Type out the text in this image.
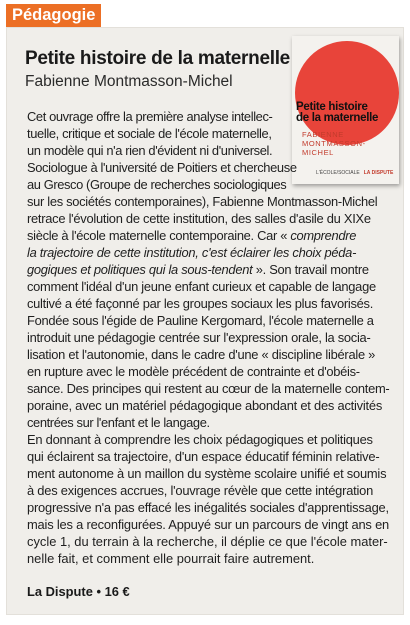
Pédagogie
Petite histoire de la maternelle
Fabienne Montmasson-Michel
Petite histoire
de la maternelle
FABIENNE
MONTMASSON-MICHEL
L'ÉCOLE/SOCIALE LA DISPUTE
Cet ouvrage offre la première analyse intellec-
tuelle, critique et sociale de l'école maternelle,
un modèle qui n'a rien d'évident ni d'universel.
Sociologue à l'université de Poitiers et chercheuse
au Gresco (Groupe de recherches sociologiques
sur les sociétés contemporaines), Fabienne Montmasson-Michel
retrace l'évolution de cette institution, des salles d'asile du XIXe
siècle à l'école maternelle contemporaine. Car « comprendre
la trajectoire de cette institution, c'est éclairer les choix péda-
gogiques et politiques qui la sous-tendent ». Son travail montre
comment l'idéal d'un jeune enfant curieux et capable de langage
cultivé a été façonné par les groupes sociaux les plus favorisés.
Fondée sous l'égide de Pauline Kergomard, l'école maternelle a
introduit une pédagogie centrée sur l'expression orale, la socia-
lisation et l'autonomie, dans le cadre d'une « discipline libérale »
en rupture avec le modèle précédent de contrainte et d'obéis-
sance. Des principes qui restent au cœur de la maternelle contem-
poraine, avec un matériel pédagogique abondant et des activités
centrées sur l'enfant et le langage.
En donnant à comprendre les choix pédagogiques et politiques
qui éclairent sa trajectoire, d'un espace éducatif féminin relative-
ment autonome à un maillon du système scolaire unifié et soumis
à des exigences accrues, l'ouvrage révèle que cette intégration
progressive n'a pas effacé les inégalités sociales d'apprentissage,
mais les a reconfigurées. Appuyé sur un parcours de vingt ans en
cycle 1, du terrain à la recherche, il déplie ce que l'école mater-
nelle fait, et comment elle pourrait faire autrement.
La Dispute • 16 €
